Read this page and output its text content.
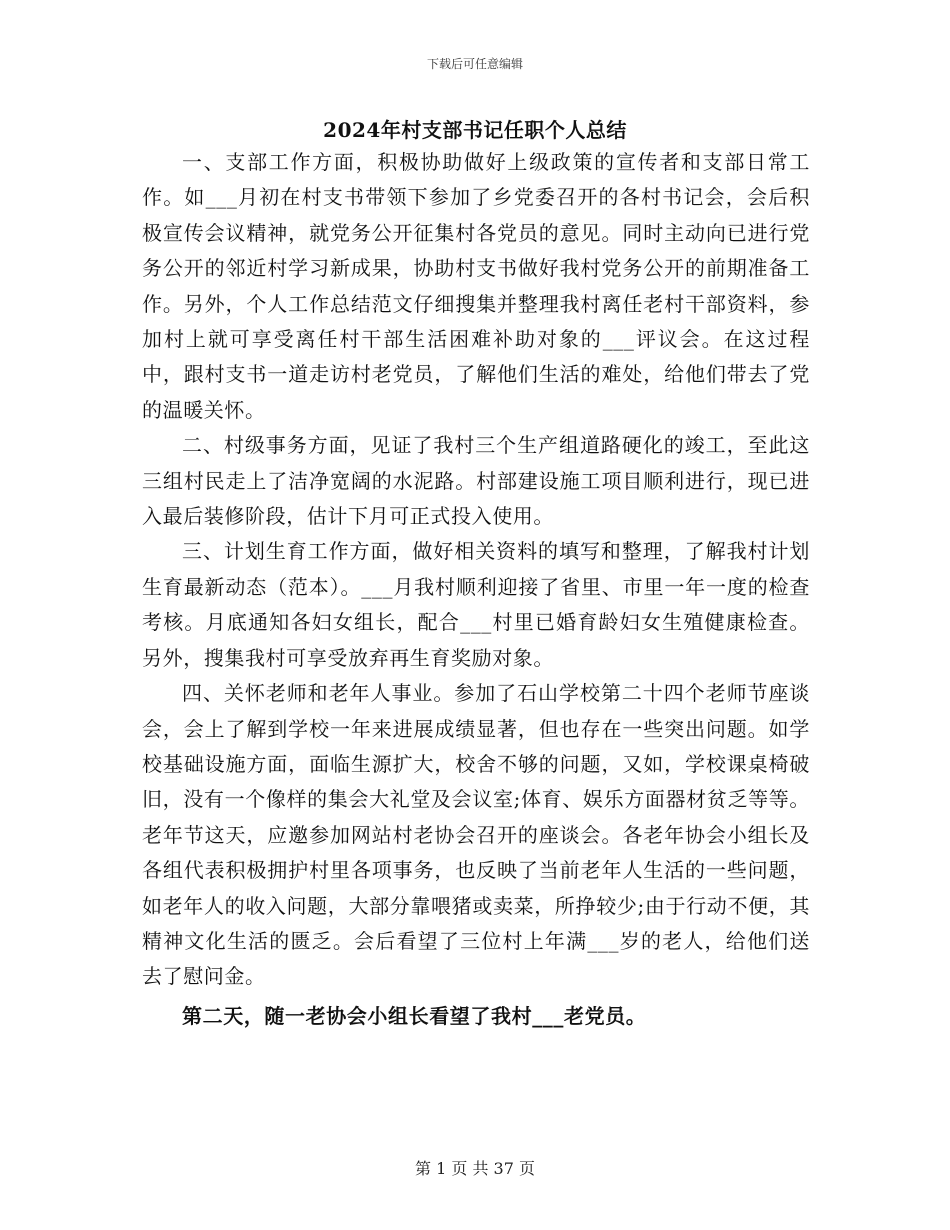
下载后可任意编辑
2024年村支部书记任职个人总结

一、支部工作方面，积极协助做好上级政策的宣传者和支部日常工作。如___月初在村支书带领下参加了乡党委召开的各村书记会，会后积极宣传会议精神，就党务公开征集村各党员的意见。同时主动向已进行党务公开的邻近村学习新成果，协助村支书做好我村党务公开的前期准备工作。另外，个人工作总结范文仔细搜集并整理我村离任老村干部资料，参加村上就可享受离任村干部生活困难补助对象的___评议会。在这过程中，跟村支书一道走访村老党员，了解他们生活的难处，给他们带去了党的温暖关怀。

二、村级事务方面，见证了我村三个生产组道路硬化的竣工，至此这三组村民走上了洁净宽阔的水泥路。村部建设施工项目顺利进行，现已进入最后装修阶段，估计下月可正式投入使用。

三、计划生育工作方面，做好相关资料的填写和整理，了解我村计划生育最新动态（范本）。___月我村顺利迎接了省里、市里一年一度的检查考核。月底通知各妇女组长，配合___村里已婚育龄妇女生殖健康检查。另外，搜集我村可享受放弃再生育奖励对象。

四、关怀老师和老年人事业。参加了石山学校第二十四个老师节座谈会，会上了解到学校一年来进展成绩显著，但也存在一些突出问题。如学校基础设施方面，面临生源扩大，校舍不够的问题，又如，学校课桌椅破旧，没有一个像样的集会大礼堂及会议室;体育、娱乐方面器材贫乏等等。老年节这天，应邀参加网站村老协会召开的座谈会。各老年协会小组长及各组代表积极拥护村里各项事务，也反映了当前老年人生活的一些问题，如老年人的收入问题，大部分靠喂猪或卖菜，所挣较少;由于行动不便，其精神文化生活的匮乏。会后看望了三位村上年满___岁的老人，给他们送去了慰问金。

第二天，随一老协会小组长看望了我村___老党员。

第 1 页 共 37 页
